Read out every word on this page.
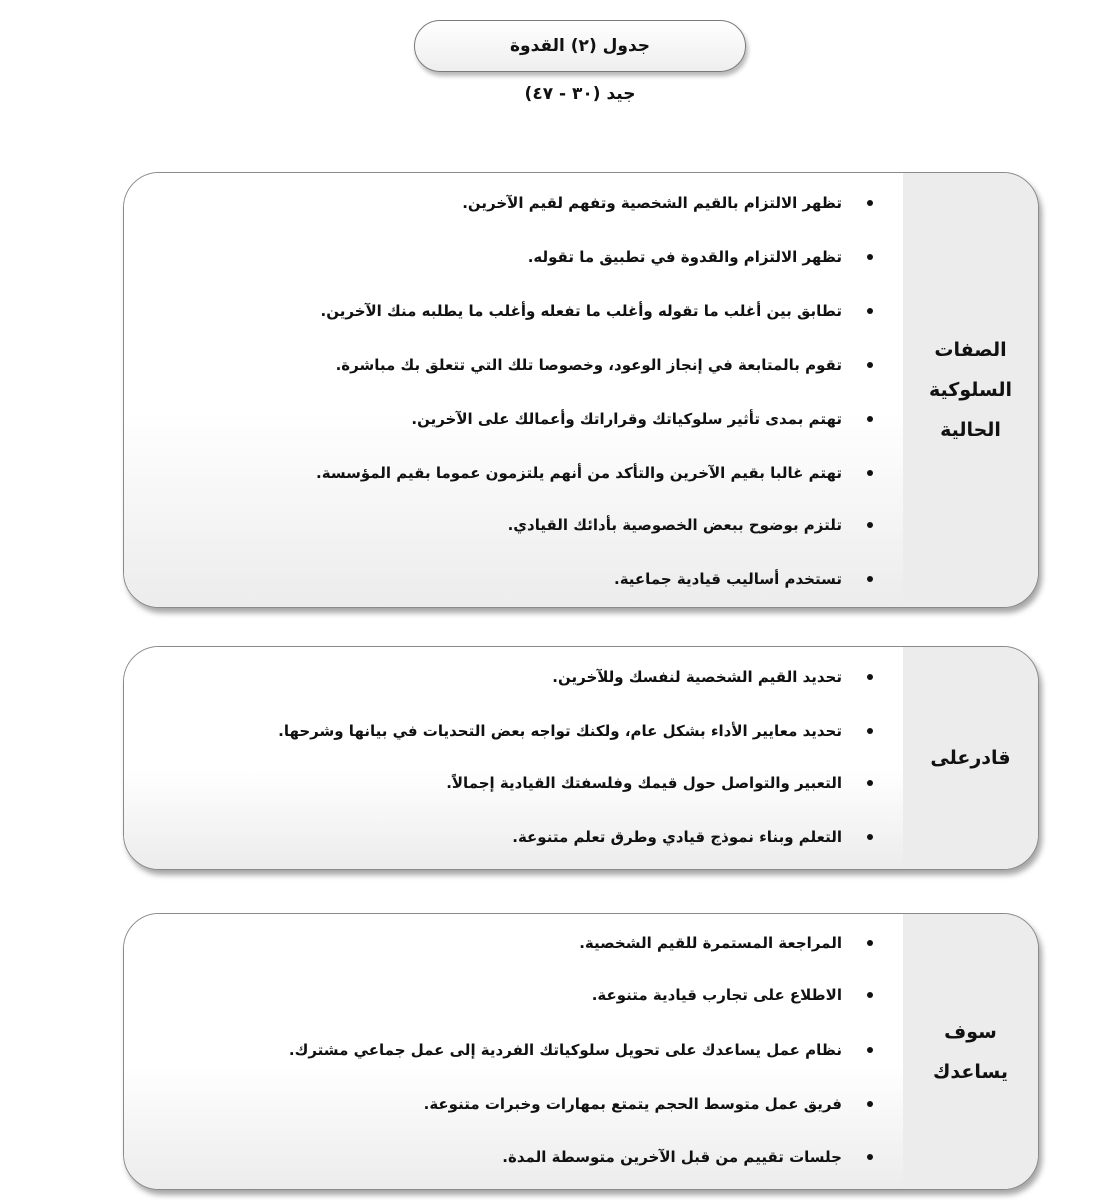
جدول (٢) القدوة
جيد (٣٠ - ٤٧)
الصفات
السلوكية
الحالية
تظهر الالتزام بالقيم الشخصية وتفهم لقيم الآخرين.
تظهر الالتزام والقدوة في تطبيق ما تقوله.
تطابق بين أغلب ما تقوله وأغلب ما تفعله وأغلب ما يطلبه منك الآخرين.
تقوم بالمتابعة في إنجاز الوعود، وخصوصا تلك التي تتعلق بك مباشرة.
تهتم بمدى تأثير سلوكياتك وقراراتك وأعمالك على الآخرين.
تهتم غالبا بقيم الآخرين والتأكد من أنهم يلتزمون عموما بقيم المؤسسة.
تلتزم بوضوح ببعض الخصوصية بأدائك القيادي.
تستخدم أساليب قيادية جماعية.
قادرعلى
تحديد القيم الشخصية لنفسك وللآخرين.
تحديد معايير الأداء بشكل عام، ولكنك تواجه بعض التحديات في بيانها وشرحها.
التعبير والتواصل حول قيمك وفلسفتك القيادية إجمالاً.
التعلم وبناء نموذج قيادي وطرق تعلم متنوعة.
سوف
يساعدك
المراجعة المستمرة للقيم الشخصية.
الاطلاع على تجارب قيادية متنوعة.
نظام عمل يساعدك على تحويل سلوكياتك الفردية إلى عمل جماعي مشترك.
فريق عمل متوسط الحجم يتمتع بمهارات وخبرات متنوعة.
جلسات تقييم من قبل الآخرين متوسطة المدة.
